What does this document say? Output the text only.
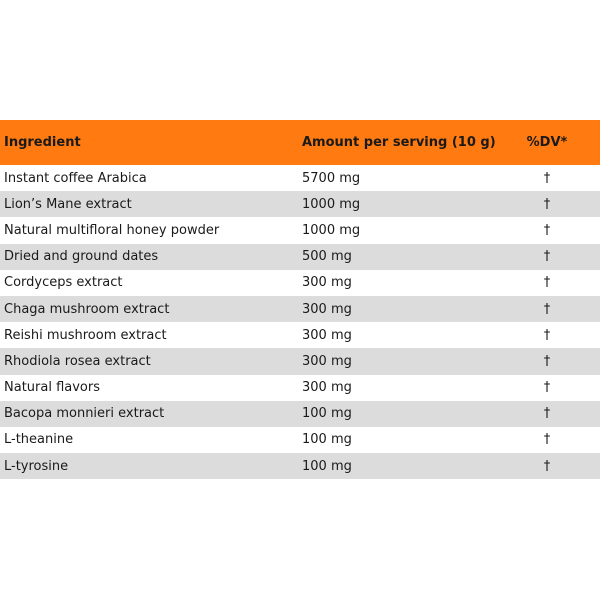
Ingredient	Amount per serving (10 g)	%DV*
Instant coffee Arabica	5700 mg	†
Lion’s Mane extract	1000 mg	†
Natural multifloral honey powder	1000 mg	†
Dried and ground dates	500 mg	†
Cordyceps extract	300 mg	†
Chaga mushroom extract	300 mg	†
Reishi mushroom extract	300 mg	†
Rhodiola rosea extract	300 mg	†
Natural flavors	300 mg	†
Bacopa monnieri extract	100 mg	†
L-theanine	100 mg	†
L-tyrosine	100 mg	†
